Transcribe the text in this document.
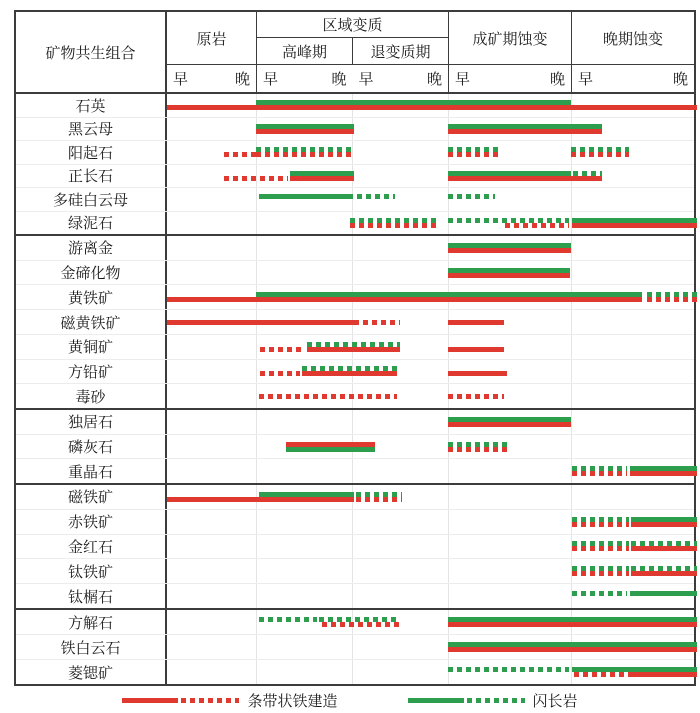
矿物共生组合
原岩
早	晚
区域变质
高峰期	退变质期
早	晚 早	晚
成矿期蚀变
早	晚
晚期蚀变
早	晚
石英
黑云母
阳起石
正长石
多硅白云母
绿泥石
游离金
金碲化物
黄铁矿
磁黄铁矿
黄铜矿
方铅矿
毒砂
独居石
磷灰石
重晶石
磁铁矿
赤铁矿
金红石
钛铁矿
钛榍石
方解石
铁白云石
菱锶矿
条带状铁建造	闪长岩
